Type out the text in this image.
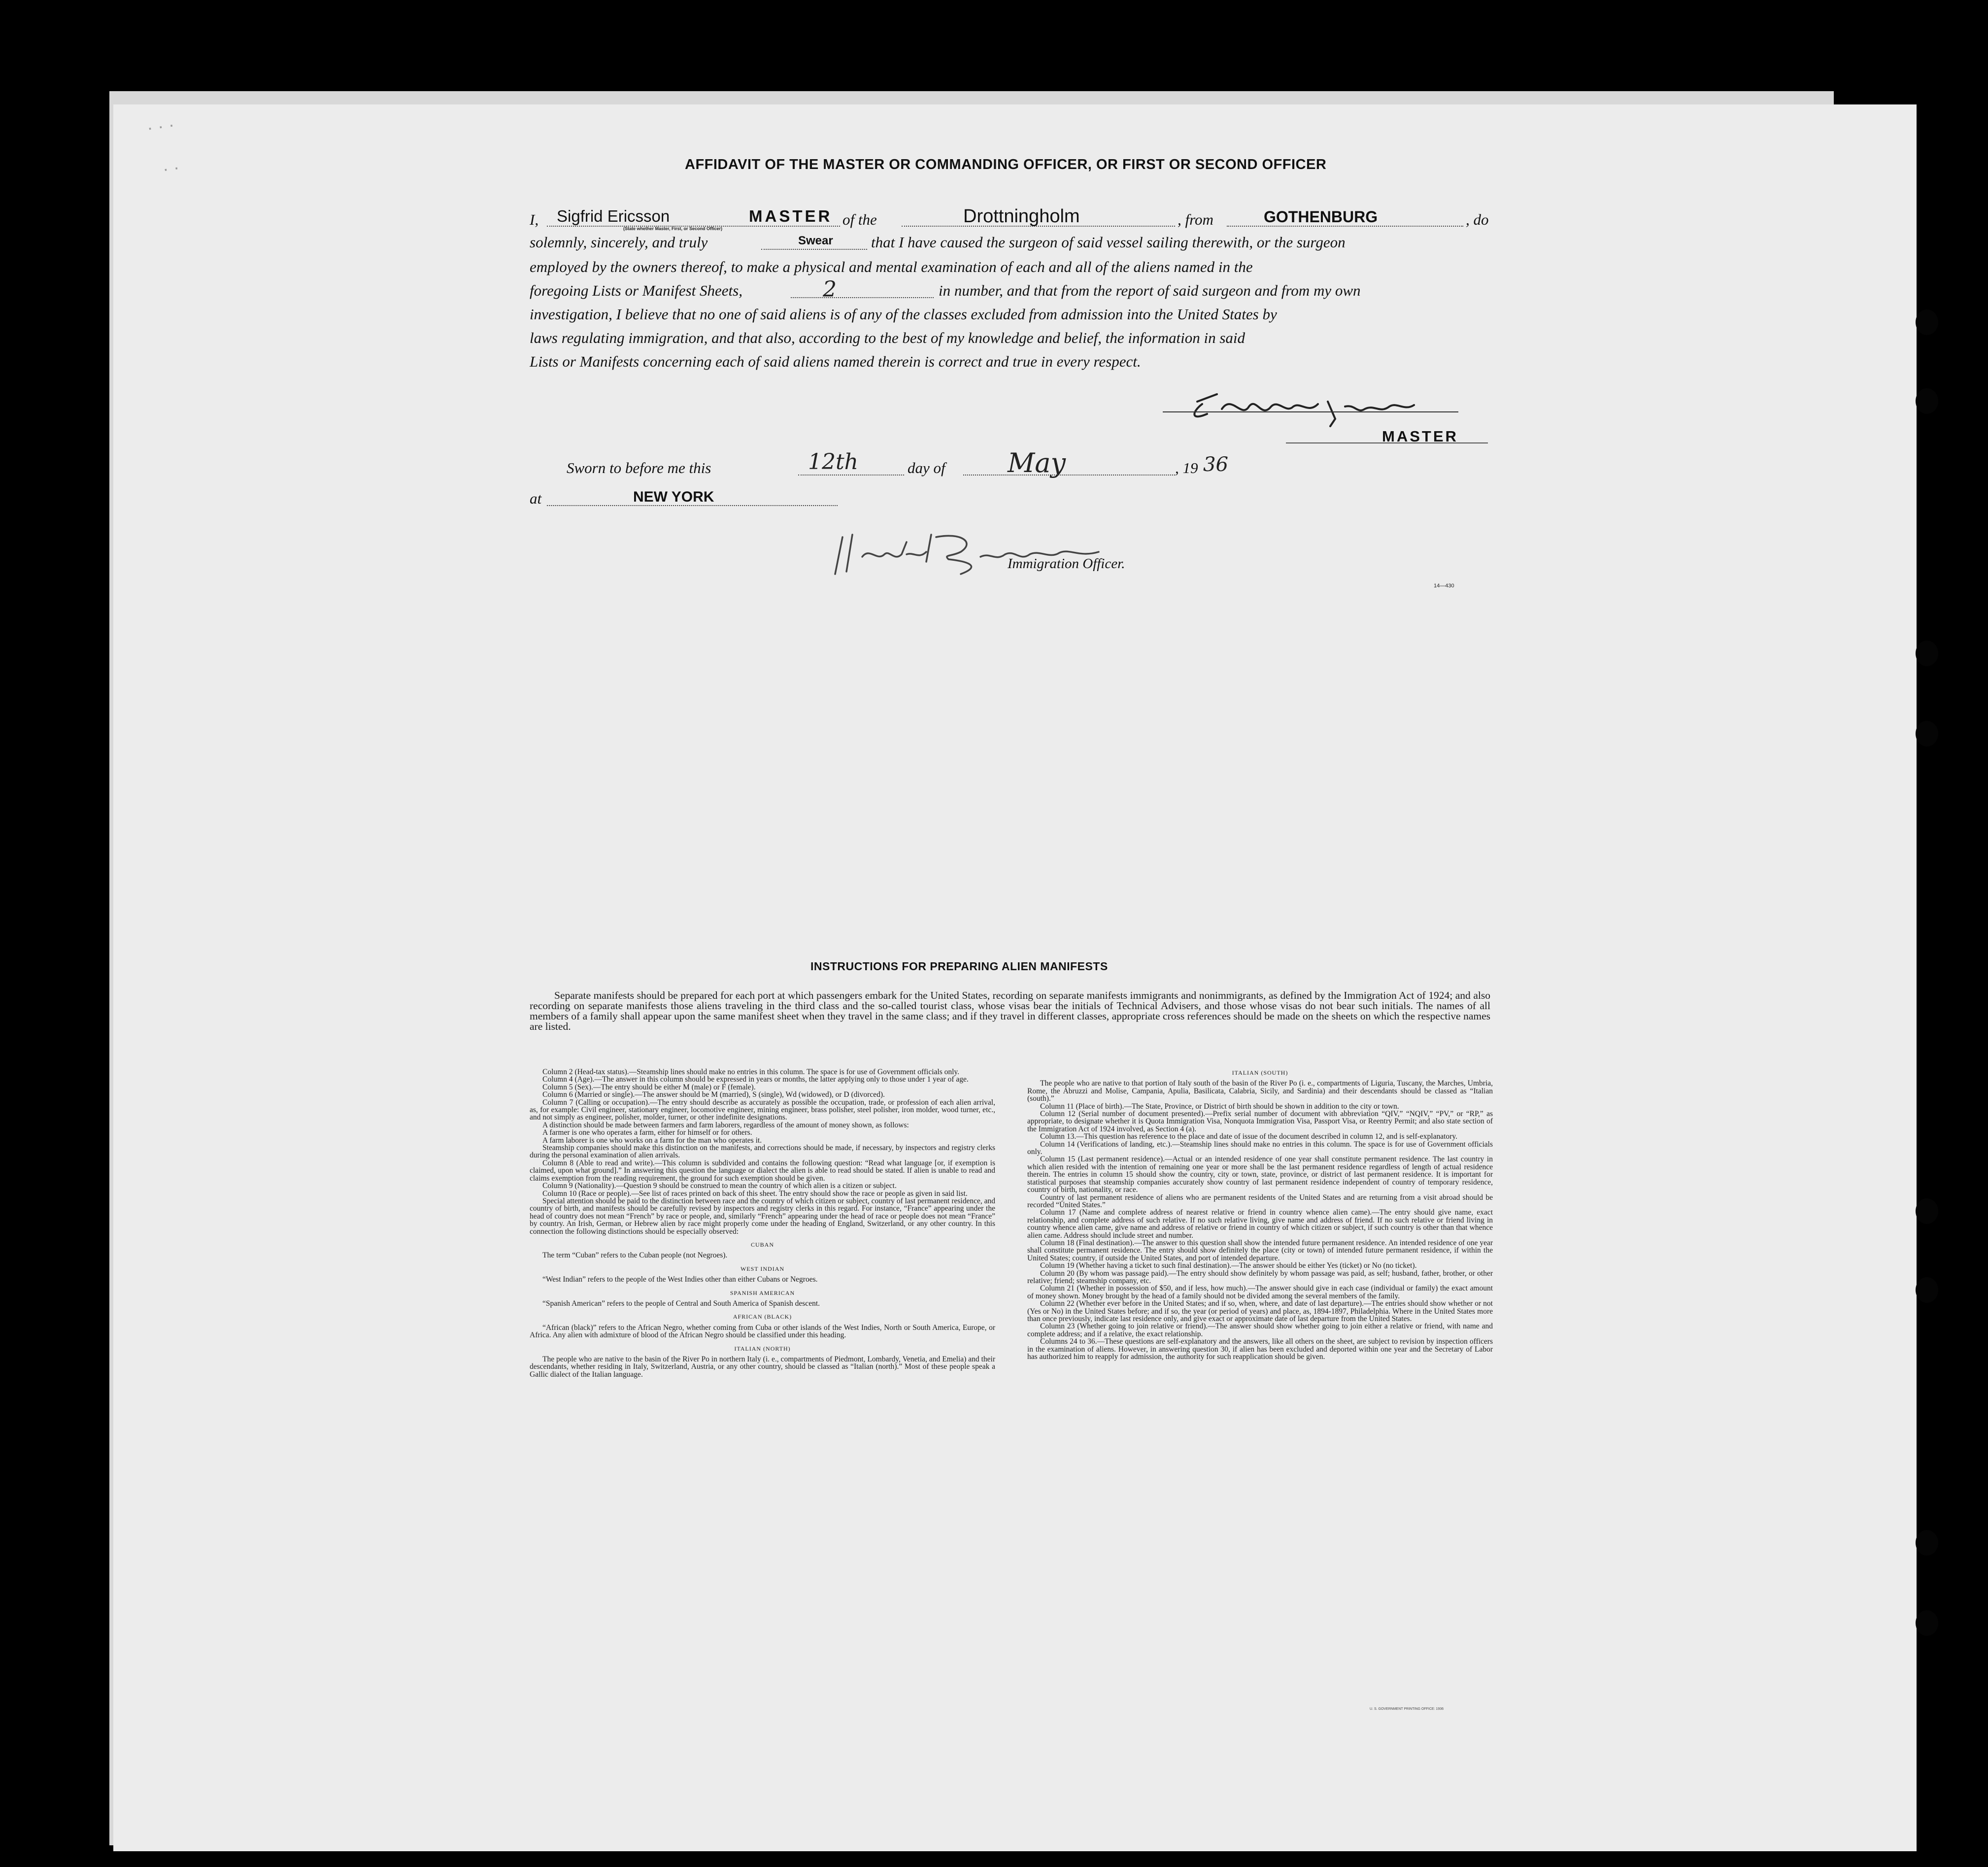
· · ·
· ·	AFFIDAVIT OF THE MASTER OR COMMANDING OFFICER, OR FIRST OR SECOND OFFICER
I, Sigfrid Ericsson	MASTER
(State whether Master, First, or Second Officer)
of the	Drottningholm	, from	GOTHENBURG	, do
solemnly, sincerely, and truly	Swear that I have caused the surgeon of said vessel sailing therewith, or the surgeon
employed by the owners thereof, to make a physical and mental examination of each and all of the aliens named in the
foregoing Lists or Manifest Sheets,	2	in number, and that from the report of said surgeon and from my own
investigation, I believe that no one of said aliens is of any of the classes excluded from admission into the United States by
laws regulating immigration, and that also, according to the best of my knowledge and belief, the information in said
Lists or Manifests concerning each of said aliens named therein is correct and true in every respect.
MASTER
Sworn to before me this	12th	day of May	, 19 36
at	NEW YORK
Immigration Officer.
14—430
INSTRUCTIONS FOR PREPARING ALIEN MANIFESTS
Separate manifests should be prepared for each port at which passengers embark for the United States, recording on separate manifests immigrants and nonimmigrants, as defined by the Immigration Act of 1924; and also recording on separate manifests those aliens traveling in the third class and the so-called tourist class, whose visas bear the initials of Technical Advisers, and those whose visas do not bear such initials. The names of all members of a family shall appear upon the same manifest sheet when they travel in the same class; and if they travel in different classes, appropriate cross references should be made on the sheets on which the respective names are listed.

Column 2 (Head-tax status).—Steamship lines should make no entries in this column. The space is for use of Government officials only.

Column 4 (Age).—The answer in this column should be expressed in years or months, the latter applying only to those under 1 year of age.

Column 5 (Sex).—The entry should be either M (male) or F (female).

Column 6 (Married or single).—The answer should be M (married), S (single), Wd (widowed), or D (divorced).

Column 7 (Calling or occupation).—The entry should describe as accurately as possible the occupation, trade, or profession of each alien arrival, as, for example: Civil engineer, stationary engineer, locomotive engineer, mining engineer, brass polisher, steel polisher, iron molder, wood turner, etc., and not simply as engineer, polisher, molder, turner, or other indefinite designations.

A distinction should be made between farmers and farm laborers, regardless of the amount of money shown, as follows:

A farmer is one who operates a farm, either for himself or for others.

A farm laborer is one who works on a farm for the man who operates it.

Steamship companies should make this distinction on the manifests, and corrections should be made, if necessary, by inspectors and registry clerks during the personal examination of alien arrivals.

Column 8 (Able to read and write).—This column is subdivided and contains the following question: “Read what language [or, if exemption is claimed, upon what ground].” In answering this question the language or dialect the alien is able to read should be stated. If alien is unable to read and claims exemption from the reading requirement, the ground for such exemption should be given.

Column 9 (Nationality).—Question 9 should be construed to mean the country of which alien is a citizen or subject.

Column 10 (Race or people).—See list of races printed on back of this sheet. The entry should show the race or people as given in said list.

Special attention should be paid to the distinction between race and the country of which citizen or subject, country of last permanent residence, and country of birth, and manifests should be carefully revised by inspectors and registry clerks in this regard. For instance, “France” appearing under the head of country does not mean “French” by race or people, and, similarly “French” appearing under the head of race or people does not mean “France” by country. An Irish, German, or Hebrew alien by race might properly come under the heading of England, Switzerland, or any other country. In this connection the following distinctions should be especially observed:

CUBAN

The term “Cuban” refers to the Cuban people (not Negroes).

WEST INDIAN

“West Indian” refers to the people of the West Indies other than either Cubans or Negroes.

SPANISH AMERICAN

“Spanish American” refers to the people of Central and South America of Spanish descent.

AFRICAN (BLACK)

“African (black)” refers to the African Negro, whether coming from Cuba or other islands of the West Indies, North or South America, Europe, or Africa. Any alien with admixture of blood of the African Negro should be classified under this heading.

ITALIAN (NORTH)

The people who are native to the basin of the River Po in northern Italy (i. e., compartments of Piedmont, Lombardy, Venetia, and Emelia) and their descendants, whether residing in Italy, Switzerland, Austria, or any other country, should be classed as “Italian (north).” Most of these people speak a Gallic dialect of the Italian language.

ITALIAN (SOUTH)

The people who are native to that portion of Italy south of the basin of the River Po (i. e., compartments of Liguria, Tuscany, the Marches, Umbria, Rome, the Abruzzi and Molise, Campania, Apulia, Basilicata, Calabria, Sicily, and Sardinia) and their descendants should be classed as “Italian (south).”

Column 11 (Place of birth).—The State, Province, or District of birth should be shown in addition to the city or town.

Column 12 (Serial number of document presented).—Prefix serial number of document with abbreviation “QIV,” “NQIV,” “PV,” or “RP,” as appropriate, to designate whether it is Quota Immigration Visa, Nonquota Immigration Visa, Passport Visa, or Reentry Permit; and also state section of the Immigration Act of 1924 involved, as Section 4 (a).

Column 13.—This question has reference to the place and date of issue of the document described in column 12, and is self-explanatory.

Column 14 (Verifications of landing, etc.).—Steamship lines should make no entries in this column. The space is for use of Government officials only.

Column 15 (Last permanent residence).—Actual or an intended residence of one year shall constitute permanent residence. The last country in which alien resided with the intention of remaining one year or more shall be the last permanent residence regardless of length of actual residence therein. The entries in column 15 should show the country, city or town, state, province, or district of last permanent residence. It is important for statistical purposes that steamship companies accurately show country of last permanent residence independent of country of temporary residence, country of birth, nationality, or race.

Country of last permanent residence of aliens who are permanent residents of the United States and are returning from a visit abroad should be recorded “United States.”

Column 17 (Name and complete address of nearest relative or friend in country whence alien came).—The entry should give name, exact relationship, and complete address of such relative. If no such relative living, give name and address of friend. If no such relative or friend living in country whence alien came, give name and address of relative or friend in country of which citizen or subject, if such country is other than that whence alien came. Address should include street and number.

Column 18 (Final destination).—The answer to this question shall show the intended future permanent residence. An intended residence of one year shall constitute permanent residence. The entry should show definitely the place (city or town) of intended future permanent residence, if within the United States; country, if outside the United States, and port of intended departure.

Column 19 (Whether having a ticket to such final destination).—The answer should be either Yes (ticket) or No (no ticket).

Column 20 (By whom was passage paid).—The entry should show definitely by whom passage was paid, as self; husband, father, brother, or other relative; friend; steamship company, etc.

Column 21 (Whether in possession of $50, and if less, how much).—The answer should give in each case (individual or family) the exact amount of money shown. Money brought by the head of a family should not be divided among the several members of the family.

Column 22 (Whether ever before in the United States; and if so, when, where, and date of last departure).—The entries should show whether or not (Yes or No) in the United States before; and if so, the year (or period of years) and place, as, 1894-1897, Philadelphia. Where in the United States more than once previously, indicate last residence only, and give exact or approximate date of last departure from the United States.

Column 23 (Whether going to join relative or friend).—The answer should show whether going to join either a relative or friend, with name and complete address; and if a relative, the exact relationship.

Columns 24 to 36.—These questions are self-explanatory and the answers, like all others on the sheet, are subject to revision by inspection officers in the examination of aliens. However, in answering question 30, if alien has been excluded and deported within one year and the Secretary of Labor has authorized him to reapply for admission, the authority for such reapplication should be given.

U. S. GOVERNMENT PRINTING OFFICE: 1936
